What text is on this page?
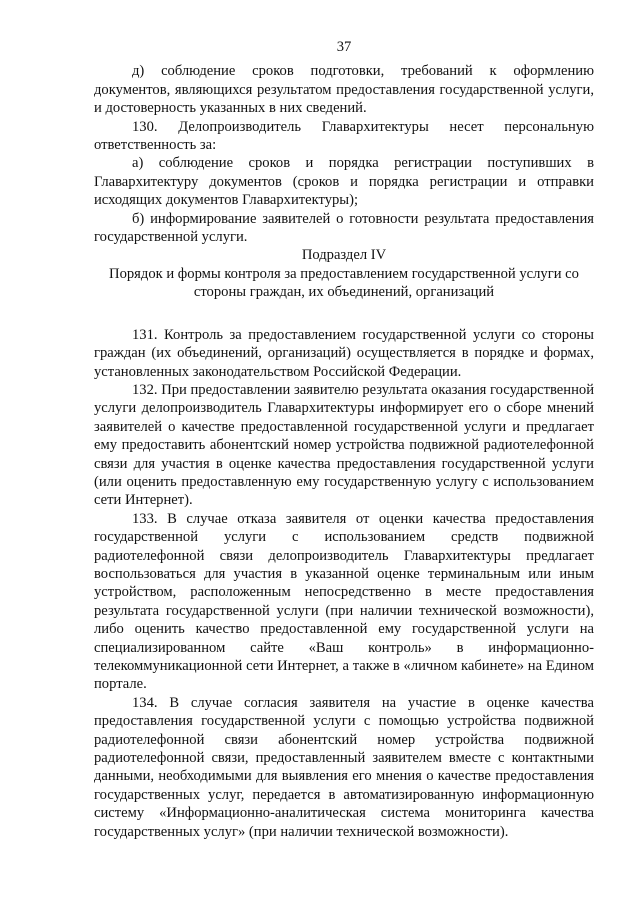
37

д) соблюдение сроков подготовки, требований к оформлению документов, являющихся результатом предоставления государственной услуги, и достоверность указанных в них сведений.

130. Делопроизводитель Главархитектуры несет персональную ответственность за:

а) соблюдение сроков и порядка регистрации поступивших в Главархитектуру документов (сроков и порядка регистрации и отправки исходящих документов Главархитектуры);

б) информирование заявителей о готовности результата предоставления государственной услуги.

Подраздел IV

Порядок и формы контроля за предоставлением государственной услуги со стороны граждан, их объединений, организаций

131. Контроль за предоставлением государственной услуги со стороны граждан (их объединений, организаций) осуществляется в порядке и формах, установленных законодательством Российской Федерации.

132. При предоставлении заявителю результата оказания государственной услуги делопроизводитель Главархитектуры информирует его о сборе мнений заявителей о качестве предоставленной государственной услуги и предлагает ему предоставить абонентский номер устройства подвижной радиотелефонной связи для участия в оценке качества предоставления государственной услуги (или оценить предоставленную ему государственную услугу с использованием сети Интернет).

133. В случае отказа заявителя от оценки качества предоставления государственной услуги с использованием средств подвижной радиотелефонной связи делопроизводитель Главархитектуры предлагает воспользоваться для участия в указанной оценке терминальным или иным устройством, расположенным непосредственно в месте предоставления результата государственной услуги (при наличии технической возможности), либо оценить качество предоставленной ему государственной услуги на специализированном сайте «Ваш контроль» в информационно-телекоммуникационной сети Интернет, а также в «личном кабинете» на Едином портале.

134. В случае согласия заявителя на участие в оценке качества предоставления государственной услуги с помощью устройства подвижной радиотелефонной связи абонентский номер устройства подвижной радиотелефонной связи, предоставленный заявителем вместе с контактными данными, необходимыми для выявления его мнения о качестве предоставления государственных услуг, передается в автоматизированную информационную систему «Информационно-аналитическая система мониторинга качества государственных услуг» (при наличии технической возможности).
